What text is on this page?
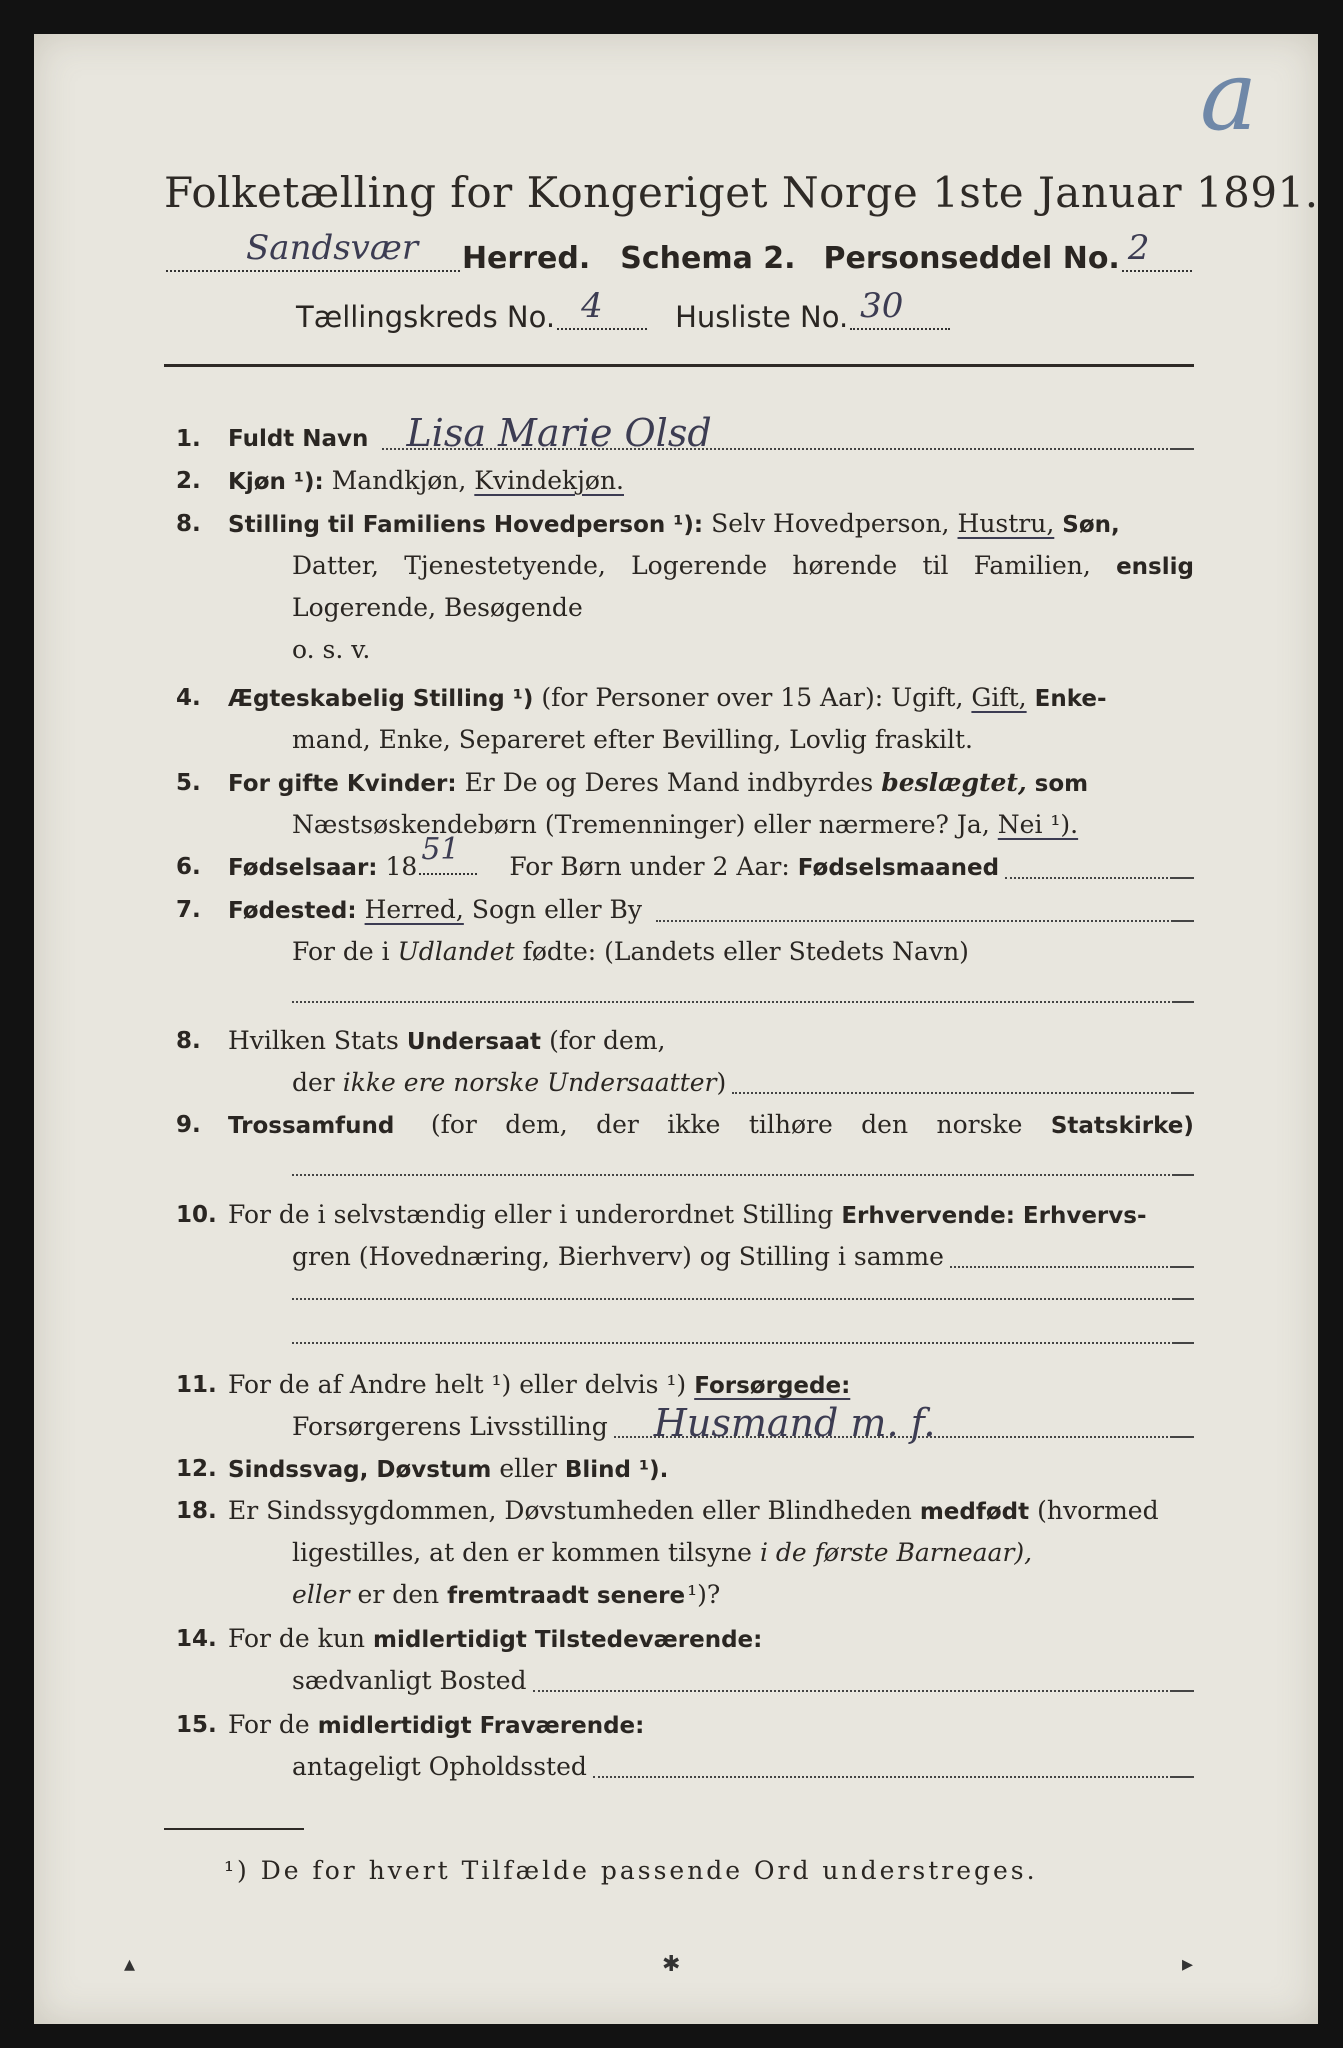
a
Folketælling for Kongeriget Norge 1ste Januar 1891.
Sandsvær Herred. Schema 2. Personseddel No. 2
Tællingskreds No. 4 Husliste No. 30
1. Fuldt Navn Lisa Marie Olsd
2. Kjøn ¹): Mandkjøn, Kvindekjøn.
8. Stilling til Familiens Hovedperson ¹): Selv Hovedperson, Hustru, Søn,
Datter, Tjenestetyende, Logerende hørende til Familien, enslig
Logerende, Besøgende
o. s. v.
4. Ægteskabelig Stilling ¹) (for Personer over 15 Aar): Ugift, Gift, Enke-
mand, Enke, Separeret efter Bevilling, Lovlig fraskilt.
5. For gifte Kvinder: Er De og Deres Mand indbyrdes beslægtet, som
Næstsøskendebørn (Tremenninger) eller nærmere? Ja, Nei ¹).
6. Fødselsaar: 18 51 For Børn under 2 Aar: Fødselsmaaned
7. Fødested: Herred, Sogn eller By
For de i Udlandet fødte: (Landets eller Stedets Navn)
8. Hvilken Stats Undersaat (for dem,
der ikke ere norske Undersaatter )
9. Trossamfund (for dem, der ikke tilhøre den norske Statskirke)
10. For de i selvstændig eller i underordnet Stilling Erhvervende: Erhvervs-
gren (Hovednæring, Bierhverv) og Stilling i samme
11. For de af Andre helt ¹) eller delvis ¹) Forsørgede:
Forsørgerens Livsstilling Husmand m. f.
12. Sindssvag, Døvstum eller Blind ¹).
18. Er Sindssygdommen, Døvstumheden eller Blindheden medfødt (hvormed
ligestilles, at den er kommen tilsyne i de første Barneaar),
eller er den fremtraadt senere ¹)?
14. For de kun midlertidigt Tilstedeværende:
sædvanligt Bosted
15. For de midlertidigt Fraværende:
antageligt Opholdssted
¹) De for hvert Tilfælde passende Ord understreges.
▴	✱	▸
